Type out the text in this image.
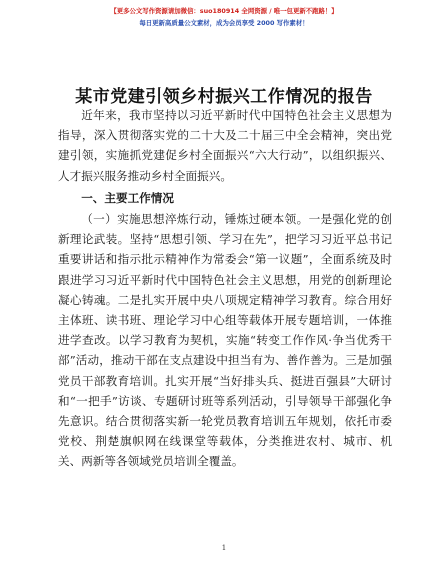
【更多公文写作资源请加微信：suo180914 全网资源 / 唯一包更新不跑路！】
每日更新高质量公文素材，成为会员享受 2000 写作素材！
某市党建引领乡村振兴工作情况的报告

近年来，我市坚持以习近平新时代中国特色社会主义思想为指导，深入贯彻落实党的二十大及二十届三中全会精神，突出党建引领，实施抓党建促乡村全面振兴“六大行动”，以组织振兴、人才振兴服务推动乡村全面振兴。

一、主要工作情况

（一）实施思想淬炼行动，锤炼过硬本领。一是强化党的创新理论武装。坚持“思想引领、学习在先”，把学习习近平总书记重要讲话和指示批示精神作为常委会“第一议题”，全面系统及时跟进学习习近平新时代中国特色社会主义思想，用党的创新理论凝心铸魂。二是扎实开展中央八项规定精神学习教育。综合用好主体班、读书班、理论学习中心组等载体开展专题培训，一体推进学查改。以学习教育为契机，实施“转变工作作风·争当优秀干部”活动，推动干部在支点建设中担当有为、善作善为。三是加强党员干部教育培训。扎实开展“当好排头兵、挺进百强县”大研讨和“一把手”访谈、专题研讨班等系列活动，引导领导干部强化争先意识。结合贯彻落实新一轮党员教育培训五年规划，依托市委党校、荆楚旗帜网在线课堂等载体，分类推进农村、城市、机关、两新等各领域党员培训全覆盖。

1
